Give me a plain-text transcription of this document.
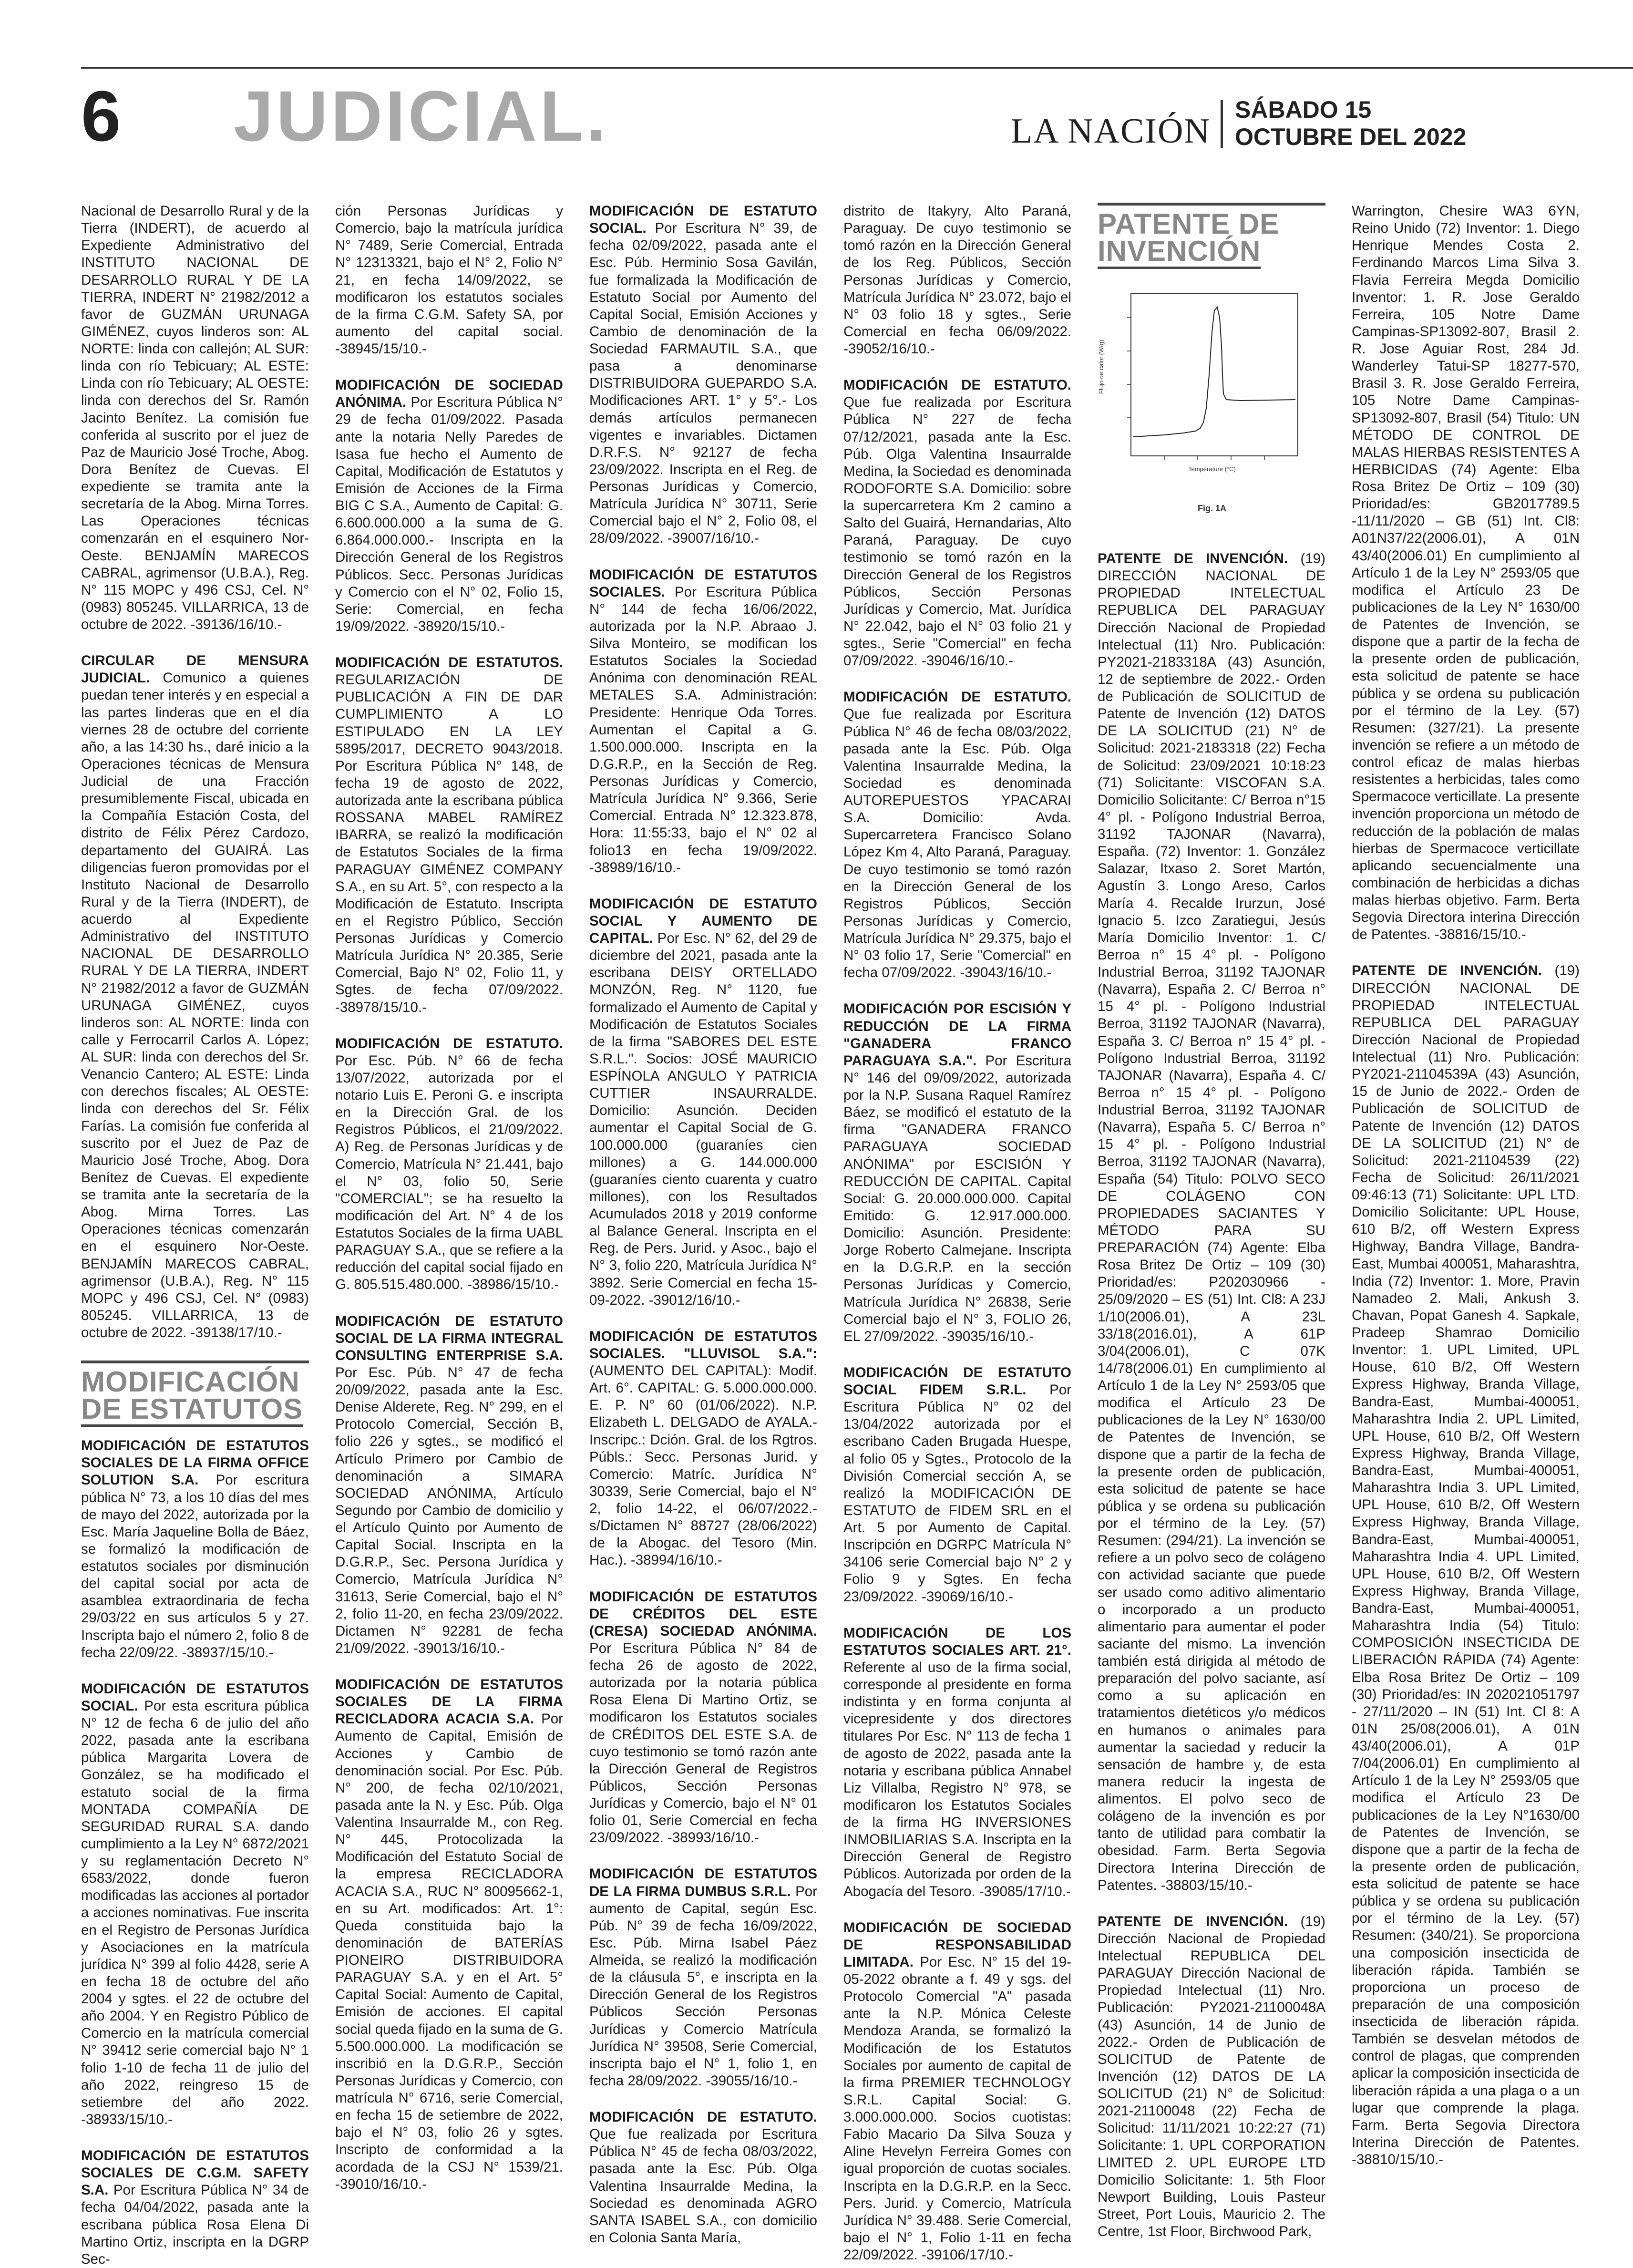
6 JUDICIAL.	LA NACIÓN
SÁBADO 15
OCTUBRE DEL 2022

Nacional de Desarrollo Rural y de la Tierra (INDERT), de acuerdo al Expediente Administrativo del INSTITUTO NACIONAL DE DESARROLLO RURAL Y DE LA TIERRA, INDERT N° 21982/2012 a favor de GUZMÁN URUNAGA GIMÉNEZ, cuyos linderos son: AL NORTE: linda con callejón; AL SUR: linda con río Tebicuary; AL ESTE: Linda con río Tebicuary; AL OESTE: linda con derechos del Sr. Ramón Jacinto Benítez. La comisión fue conferida al suscrito por el juez de Paz de Mauricio José Troche, Abog. Dora Benítez de Cuevas. El expediente se tramita ante la secretaría de la Abog. Mirna Torres. Las Operaciones técnicas comenzarán en el esquinero Nor-Oeste. BENJAMÍN MARECOS CABRAL, agrimensor (U.B.A.), Reg. N° 115 MOPC y 496 CSJ, Cel. N° (0983) 805245. VILLARRICA, 13 de octubre de 2022. -39136/16/10.-

CIRCULAR DE MENSURA JUDICIAL. Comunico a quienes puedan tener interés y en especial a las partes linderas que en el día viernes 28 de octubre del corriente año, a las 14:30 hs., daré inicio a la Operaciones técnicas de Mensura Judicial de una Fracción presumiblemente Fiscal, ubicada en la Compañía Estación Costa, del distrito de Félix Pérez Cardozo, departamento del GUAIRÁ. Las diligencias fueron promovidas por el Instituto Nacional de Desarrollo Rural y de la Tierra (INDERT), de acuerdo al Expediente Administrativo del INSTITUTO NACIONAL DE DESARROLLO RURAL Y DE LA TIERRA, INDERT N° 21982/2012 a favor de GUZMÁN URUNAGA GIMÉNEZ, cuyos linderos son: AL NORTE: linda con calle y Ferrocarril Carlos A. López; AL SUR: linda con derechos del Sr. Venancio Cantero; AL ESTE: Linda con derechos fiscales; AL OESTE: linda con derechos del Sr. Félix Farías. La comisión fue conferida al suscrito por el Juez de Paz de Mauricio José Troche, Abog. Dora Benítez de Cuevas. El expediente se tramita ante la secretaría de la Abog. Mirna Torres. Las Operaciones técnicas comenzarán en el esquinero Nor-Oeste. BENJAMÍN MARECOS CABRAL, agrimensor (U.B.A.), Reg. N° 115 MOPC y 496 CSJ, Cel. N° (0983) 805245. VILLARRICA, 13 de octubre de 2022. -39138/17/10.-

MODIFICACIÓN
DE ESTATUTOS

MODIFICACIÓN DE ESTATUTOS SOCIALES DE LA FIRMA OFFICE SOLUTION S.A. Por escritura pública N° 73, a los 10 días del mes de mayo del 2022, autorizada por la Esc. María Jaqueline Bolla de Báez, se formalizó la modificación de estatutos sociales por disminución del capital social por acta de asamblea extraordinaria de fecha 29/03/22 en sus artículos 5 y 27. Inscripta bajo el número 2, folio 8 de fecha 22/09/22. -38937/15/10.-

MODIFICACIÓN DE ESTATUTOS SOCIAL. Por esta escritura pública N° 12 de fecha 6 de julio del año 2022, pasada ante la escribana pública Margarita Lovera de González, se ha modificado el estatuto social de la firma MONTADA COMPAÑÍA DE SEGURIDAD RURAL S.A. dando cumplimiento a la Ley N° 6872/2021 y su reglamentación Decreto N° 6583/2022, donde fueron modificadas las acciones al portador a acciones nominativas. Fue inscrita en el Registro de Personas Jurídica y Asociaciones en la matrícula jurídica N° 399 al folio 4428, serie A en fecha 18 de octubre del año 2004 y sgtes. el 22 de octubre del año 2004. Y en Registro Público de Comercio en la matrícula comercial N° 39412 serie comercial bajo N° 1 folio 1-10 de fecha 11 de julio del año 2022, reingreso 15 de setiembre del año 2022. -38933/15/10.-

MODIFICACIÓN DE ESTATUTOS SOCIALES DE C.G.M. SAFETY S.A. Por Escritura Pública N° 34 de fecha 04/04/2022, pasada ante la escribana pública Rosa Elena Di Martino Ortiz, inscripta en la DGRP Sec-

ción Personas Jurídicas y Comercio, bajo la matrícula jurídica N° 7489, Serie Comercial, Entrada N° 12313321, bajo el N° 2, Folio N° 21, en fecha 14/09/2022, se modificaron los estatutos sociales de la firma C.G.M. Safety SA, por aumento del capital social. -38945/15/10.-

MODIFICACIÓN DE SOCIEDAD ANÓNIMA. Por Escritura Pública N° 29 de fecha 01/09/2022. Pasada ante la notaria Nelly Paredes de Isasa fue hecho el Aumento de Capital, Modificación de Estatutos y Emisión de Acciones de la Firma BIG C S.A., Aumento de Capital: G. 6.600.000.000 a la suma de G. 6.864.000.000.- Inscripta en la Dirección General de los Registros Públicos. Secc. Personas Jurídicas y Comercio con el N° 02, Folio 15, Serie: Comercial, en fecha 19/09/2022. -38920/15/10.-

MODIFICACIÓN DE ESTATUTOS. REGULARIZACIÓN DE PUBLICACIÓN A FIN DE DAR CUMPLIMIENTO A LO ESTIPULADO EN LA LEY 5895/2017, DECRETO 9043/2018. Por Escritura Pública N° 148, de fecha 19 de agosto de 2022, autorizada ante la escribana pública ROSSANA MABEL RAMÍREZ IBARRA, se realizó la modificación de Estatutos Sociales de la firma PARAGUAY GIMÉNEZ COMPANY S.A., en su Art. 5°, con respecto a la Modificación de Estatuto. Inscripta en el Registro Público, Sección Personas Jurídicas y Comercio Matrícula Jurídica N° 20.385, Serie Comercial, Bajo N° 02, Folio 11, y Sgtes. de fecha 07/09/2022. -38978/15/10.-

MODIFICACIÓN DE ESTATUTO. Por Esc. Púb. N° 66 de fecha 13/07/2022, autorizada por el notario Luis E. Peroni G. e inscripta en la Dirección Gral. de los Registros Públicos, el 21/09/2022. A) Reg. de Personas Jurídicas y de Comercio, Matrícula N° 21.441, bajo el N° 03, folio 50, Serie "COMERCIAL"; se ha resuelto la modificación del Art. N° 4 de los Estatutos Sociales de la firma UABL PARAGUAY S.A., que se refiere a la reducción del capital social fijado en G. 805.515.480.000. -38986/15/10.-

MODIFICACIÓN DE ESTATUTO SOCIAL DE LA FIRMA INTEGRAL CONSULTING ENTERPRISE S.A. Por Esc. Púb. N° 47 de fecha 20/09/2022, pasada ante la Esc. Denise Alderete, Reg. N° 299, en el Protocolo Comercial, Sección B, folio 226 y sgtes., se modificó el Artículo Primero por Cambio de denominación a SIMARA SOCIEDAD ANÓNIMA, Artículo Segundo por Cambio de domicilio y el Artículo Quinto por Aumento de Capital Social. Inscripta en la D.G.R.P., Sec. Persona Jurídica y Comercio, Matrícula Jurídica N° 31613, Serie Comercial, bajo el N° 2, folio 11-20, en fecha 23/09/2022. Dictamen N° 92281 de fecha 21/09/2022. -39013/16/10.-

MODIFICACIÓN DE ESTATUTOS SOCIALES DE LA FIRMA RECICLADORA ACACIA S.A. Por Aumento de Capital, Emisión de Acciones y Cambio de denominación social. Por Esc. Púb. N° 200, de fecha 02/10/2021, pasada ante la N. y Esc. Púb. Olga Valentina Insaurralde M., con Reg. N° 445, Protocolizada la Modificación del Estatuto Social de la empresa RECICLADORA ACACIA S.A., RUC N° 80095662-1, en su Art. modificados: Art. 1°: Queda constituida bajo la denominación de BATERÍAS PIONEIRO DISTRIBUIDORA PARAGUAY S.A. y en el Art. 5° Capital Social: Aumento de Capital, Emisión de acciones. El capital social queda fijado en la suma de G. 5.500.000.000. La modificación se inscribió en la D.G.R.P., Sección Personas Jurídicas y Comercio, con matrícula N° 6716, serie Comercial, en fecha 15 de setiembre de 2022, bajo el N° 03, folio 26 y sgtes. Inscripto de conformidad a la acordada de la CSJ N° 1539/21. -39010/16/10.-

MODIFICACIÓN DE ESTATUTO SOCIAL. Por Escritura N° 39, de fecha 02/09/2022, pasada ante el Esc. Púb. Herminio Sosa Gavilán, fue formalizada la Modificación de Estatuto Social por Aumento del Capital Social, Emisión Acciones y Cambio de denominación de la Sociedad FARMAUTIL S.A., que pasa a denominarse DISTRIBUIDORA GUEPARDO S.A. Modificaciones ART. 1° y 5°.- Los demás artículos permanecen vigentes e invariables. Dictamen D.R.F.S. N° 92127 de fecha 23/09/2022. Inscripta en el Reg. de Personas Jurídicas y Comercio, Matrícula Jurídica N° 30711, Serie Comercial bajo el N° 2, Folio 08, el 28/09/2022. -39007/16/10.-

MODIFICACIÓN DE ESTATUTOS SOCIALES. Por Escritura Pública N° 144 de fecha 16/06/2022, autorizada por la N.P. Abraao J. Silva Monteiro, se modifican los Estatutos Sociales la Sociedad Anónima con denominación REAL METALES S.A. Administración: Presidente: Henrique Oda Torres. Aumentan el Capital a G. 1.500.000.000. Inscripta en la D.G.R.P., en la Sección de Reg. Personas Jurídicas y Comercio, Matrícula Jurídica N° 9.366, Serie Comercial. Entrada N° 12.323.878, Hora: 11:55:33, bajo el N° 02 al folio13 en fecha 19/09/2022. -38989/16/10.-

MODIFICACIÓN DE ESTATUTO SOCIAL Y AUMENTO DE CAPITAL. Por Esc. N° 62, del 29 de diciembre del 2021, pasada ante la escribana DEISY ORTELLADO MONZÓN, Reg. N° 1120, fue formalizado el Aumento de Capital y Modificación de Estatutos Sociales de la firma "SABORES DEL ESTE S.R.L.". Socios: JOSÉ MAURICIO ESPÍNOLA ANGULO Y PATRICIA CUTTIER INSAURRALDE. Domicilio: Asunción. Deciden aumentar el Capital Social de G. 100.000.000 (guaraníes cien millones) a G. 144.000.000 (guaraníes ciento cuarenta y cuatro millones), con los Resultados Acumulados 2018 y 2019 conforme al Balance General. Inscripta en el Reg. de Pers. Jurid. y Asoc., bajo el N° 3, folio 220, Matrícula Jurídica N° 3892. Serie Comercial en fecha 15-09-2022. -39012/16/10.-

MODIFICACIÓN DE ESTATUTOS SOCIALES. "LLUVISOL S.A.": (AUMENTO DEL CAPITAL): Modif. Art. 6°. CAPITAL: G. 5.000.000.000. E. P. N° 60 (01/06/2022). N.P. Elizabeth L. DELGADO de AYALA.- Inscripc.: Dción. Gral. de los Rgtros. Públs.: Secc. Personas Jurid. y Comercio: Matríc. Jurídica N° 30339, Serie Comercial, bajo el N° 2, folio 14-22, el 06/07/2022.- s/Dictamen N° 88727 (28/06/2022) de la Abogac. del Tesoro (Min. Hac.). -38994/16/10.-

MODIFICACIÓN DE ESTATUTOS DE CRÉDITOS DEL ESTE (CRESA) SOCIEDAD ANÓNIMA. Por Escritura Pública N° 84 de fecha 26 de agosto de 2022, autorizada por la notaria pública Rosa Elena Di Martino Ortiz, se modificaron los Estatutos sociales de CRÉDITOS DEL ESTE S.A. de cuyo testimonio se tomó razón ante la Dirección General de Registros Públicos, Sección Personas Jurídicas y Comercio, bajo el N° 01 folio 01, Serie Comercial en fecha 23/09/2022. -38993/16/10.-

MODIFICACIÓN DE ESTATUTOS DE LA FIRMA DUMBUS S.R.L. Por aumento de Capital, según Esc. Púb. N° 39 de fecha 16/09/2022, Esc. Púb. Mirna Isabel Páez Almeida, se realizó la modificación de la cláusula 5°, e inscripta en la Dirección General de los Registros Públicos Sección Personas Jurídicas y Comercio Matrícula Jurídica N° 39508, Serie Comercial, inscripta bajo el N° 1, folio 1, en fecha 28/09/2022. -39055/16/10.-

MODIFICACIÓN DE ESTATUTO. Que fue realizada por Escritura Pública N° 45 de fecha 08/03/2022, pasada ante la Esc. Púb. Olga Valentina Insaurralde Medina, la Sociedad es denominada AGRO SANTA ISABEL S.A., con domicilio en Colonia Santa María,

distrito de Itakyry, Alto Paraná, Paraguay. De cuyo testimonio se tomó razón en la Dirección General de los Reg. Públicos, Sección Personas Jurídicas y Comercio, Matrícula Jurídica N° 23.072, bajo el N° 03 folio 18 y sgtes., Serie Comercial en fecha 06/09/2022. -39052/16/10.-

MODIFICACIÓN DE ESTATUTO. Que fue realizada por Escritura Pública N° 227 de fecha 07/12/2021, pasada ante la Esc. Púb. Olga Valentina Insaurralde Medina, la Sociedad es denominada RODOFORTE S.A. Domicilio: sobre la supercarretera Km 2 camino a Salto del Guairá, Hernandarias, Alto Paraná, Paraguay. De cuyo testimonio se tomó razón en la Dirección General de los Registros Públicos, Sección Personas Jurídicas y Comercio, Mat. Jurídica N° 22.042, bajo el N° 03 folio 21 y sgtes., Serie "Comercial" en fecha 07/09/2022. -39046/16/10.-

MODIFICACIÓN DE ESTATUTO. Que fue realizada por Escritura Pública N° 46 de fecha 08/03/2022, pasada ante la Esc. Púb. Olga Valentina Insaurralde Medina, la Sociedad es denominada AUTOREPUESTOS YPACARAI S.A. Domicilio: Avda. Supercarretera Francisco Solano López Km 4, Alto Paraná, Paraguay. De cuyo testimonio se tomó razón en la Dirección General de los Registros Públicos, Sección Personas Jurídicas y Comercio, Matrícula Jurídica N° 29.375, bajo el N° 03 folio 17, Serie "Comercial" en fecha 07/09/2022. -39043/16/10.-

MODIFICACIÓN POR ESCISIÓN Y REDUCCIÓN DE LA FIRMA "GANADERA FRANCO PARAGUAYA S.A.". Por Escritura N° 146 del 09/09/2022, autorizada por la N.P. Susana Raquel Ramírez Báez, se modificó el estatuto de la firma "GANADERA FRANCO PARAGUAYA SOCIEDAD ANÓNIMA" por ESCISIÓN Y REDUCCIÓN DE CAPITAL. Capital Social: G. 20.000.000.000. Capital Emitido: G. 12.917.000.000. Domicilio: Asunción. Presidente: Jorge Roberto Calmejane. Inscripta en la D.G.R.P. en la sección Personas Jurídicas y Comercio, Matrícula Jurídica N° 26838, Serie Comercial bajo el N° 3, FOLIO 26, EL 27/09/2022. -39035/16/10.-

MODIFICACIÓN DE ESTATUTO SOCIAL FIDEM S.R.L. Por Escritura Pública N° 02 del 13/04/2022 autorizada por el escribano Caden Brugada Huespe, al folio 05 y Sgtes., Protocolo de la División Comercial sección A, se realizó la MODIFICACIÓN DE ESTATUTO de FIDEM SRL en el Art. 5 por Aumento de Capital. Inscripción en DGRPC Matrícula N° 34106 serie Comercial bajo N° 2 y Folio 9 y Sgtes. En fecha 23/09/2022. -39069/16/10.-

MODIFICACIÓN DE LOS ESTATUTOS SOCIALES ART. 21°. Referente al uso de la firma social, corresponde al presidente en forma indistinta y en forma conjunta al vicepresidente y dos directores titulares Por Esc. N° 113 de fecha 1 de agosto de 2022, pasada ante la notaria y escribana pública Annabel Liz Villalba, Registro N° 978, se modificaron los Estatutos Sociales de la firma HG INVERSIONES INMOBILIARIAS S.A. Inscripta en la Dirección General de Registro Públicos. Autorizada por orden de la Abogacía del Tesoro. -39085/17/10.-

MODIFICACIÓN DE SOCIEDAD DE RESPONSABILIDAD LIMITADA. Por Esc. N° 15 del 19-05-2022 obrante a f. 49 y sgs. del Protocolo Comercial "A" pasada ante la N.P. Mónica Celeste Mendoza Aranda, se formalizó la Modificación de los Estatutos Sociales por aumento de capital de la firma PREMIER TECHNOLOGY S.R.L. Capital Social: G. 3.000.000.000. Socios cuotistas: Fabio Macario Da Silva Souza y Aline Hevelyn Ferreira Gomes con igual proporción de cuotas sociales. Inscripta en la D.G.R.P. en la Secc. Pers. Jurid. y Comercio, Matrícula Jurídica N° 39.488. Serie Comercial, bajo el N° 1, Folio 1-11 en fecha 22/09/2022. -39106/17/10.-

PATENTE DE
INVENCIÓN
Flujo de calor (W/g)
Temperature (°C)
Fig. 1A

PATENTE DE INVENCIÓN. (19) DIRECCIÓN NACIONAL DE PROPIEDAD INTELECTUAL REPUBLICA DEL PARAGUAY Dirección Nacional de Propiedad Intelectual (11) Nro. Publicación: PY2021-2183318A (43) Asunción, 12 de septiembre de 2022.- Orden de Publicación de SOLICITUD de Patente de Invención (12) DATOS DE LA SOLICITUD (21) N° de Solicitud: 2021-2183318 (22) Fecha de Solicitud: 23/09/2021 10:18:23 (71) Solicitante: VISCOFAN S.A. Domicilio Solicitante: C/ Berroa n°15 4° pl. - Polígono Industrial Berroa, 31192 TAJONAR (Navarra), España. (72) Inventor: 1. González Salazar, Itxaso 2. Soret Martón, Agustín 3. Longo Areso, Carlos María 4. Recalde Irurzun, José Ignacio 5. Izco Zaratiegui, Jesús María Domicilio Inventor: 1. C/ Berroa n° 15 4° pl. - Polígono Industrial Berroa, 31192 TAJONAR (Navarra), España 2. C/ Berroa n° 15 4° pl. - Polígono Industrial Berroa, 31192 TAJONAR (Navarra), España 3. C/ Berroa n° 15 4° pl. - Polígono Industrial Berroa, 31192 TAJONAR (Navarra), España 4. C/ Berroa n° 15 4° pl. - Polígono Industrial Berroa, 31192 TAJONAR (Navarra), España 5. C/ Berroa n° 15 4° pl. - Polígono Industrial Berroa, 31192 TAJONAR (Navarra), España (54) Titulo: POLVO SECO DE COLÁGENO CON PROPIEDADES SACIANTES Y MÉTODO PARA SU PREPARACIÓN (74) Agente: Elba Rosa Britez De Ortiz – 109 (30) Prioridad/es: P202030966 - 25/09/2020 – ES (51) Int. Cl8: A 23J 1/10(2006.01), A 23L 33/18(2016.01), A 61P 3/04(2006.01), C 07K 14/78(2006.01) En cumplimiento al Artículo 1 de la Ley N° 2593/05 que modifica el Artículo 23 De publicaciones de la Ley N° 1630/00 de Patentes de Invención, se dispone que a partir de la fecha de la presente orden de publicación, esta solicitud de patente se hace pública y se ordena su publicación por el término de la Ley. (57) Resumen: (294/21). La invención se refiere a un polvo seco de colágeno con actividad saciante que puede ser usado como aditivo alimentario o incorporado a un producto alimentario para aumentar el poder saciante del mismo. La invención también está dirigida al método de preparación del polvo saciante, así como a su aplicación en tratamientos dietéticos y/o médicos en humanos o animales para aumentar la saciedad y reducir la sensación de hambre y, de esta manera reducir la ingesta de alimentos. El polvo seco de colágeno de la invención es por tanto de utilidad para combatir la obesidad. Farm. Berta Segovia Directora Interina Dirección de Patentes. -38803/15/10.-

PATENTE DE INVENCIÓN. (19) Dirección Nacional de Propiedad Intelectual REPUBLICA DEL PARAGUAY Dirección Nacional de Propiedad Intelectual (11) Nro. Publicación: PY2021-21100048A (43) Asunción, 14 de Junio de 2022.- Orden de Publicación de SOLICITUD de Patente de Invención (12) DATOS DE LA SOLICITUD (21) N° de Solicitud: 2021-21100048 (22) Fecha de Solicitud: 11/11/2021 10:22:27 (71) Solicitante: 1. UPL CORPORATION LIMITED 2. UPL EUROPE LTD Domicilio Solicitante: 1. 5th Floor Newport Building, Louis Pasteur Street, Port Louis, Mauricio 2. The Centre, 1st Floor, Birchwood Park,

Warrington, Chesire WA3 6YN, Reino Unido (72) Inventor: 1. Diego Henrique Mendes Costa 2. Ferdinando Marcos Lima Silva 3. Flavia Ferreira Megda Domicilio Inventor: 1. R. Jose Geraldo Ferreira, 105 Notre Dame Campinas-SP13092-807, Brasil 2. R. Jose Aguiar Rost, 284 Jd. Wanderley Tatui-SP 18277-570, Brasil 3. R. Jose Geraldo Ferreira, 105 Notre Dame Campinas-SP13092-807, Brasil (54) Titulo: UN MÉTODO DE CONTROL DE MALAS HIERBAS RESISTENTES A HERBICIDAS (74) Agente: Elba Rosa Britez De Ortiz – 109 (30) Prioridad/es: GB2017789.5 -11/11/2020 – GB (51) Int. Cl8: A01N37/22(2006.01), A 01N 43/40(2006.01) En cumplimiento al Artículo 1 de la Ley N° 2593/05 que modifica el Artículo 23 De publicaciones de la Ley N° 1630/00 de Patentes de Invención, se dispone que a partir de la fecha de la presente orden de publicación, esta solicitud de patente se hace pública y se ordena su publicación por el término de la Ley. (57) Resumen: (327/21). La presente invención se refiere a un método de control eficaz de malas hierbas resistentes a herbicidas, tales como Spermacoce verticillate. La presente invención proporciona un método de reducción de la población de malas hierbas de Spermacoce verticillate aplicando secuencialmente una combinación de herbicidas a dichas malas hierbas objetivo. Farm. Berta Segovia Directora interina Dirección de Patentes. -38816/15/10.-

PATENTE DE INVENCIÓN. (19) DIRECCIÓN NACIONAL DE PROPIEDAD INTELECTUAL REPUBLICA DEL PARAGUAY Dirección Nacional de Propiedad Intelectual (11) Nro. Publicación: PY2021-21104539A (43) Asunción, 15 de Junio de 2022.- Orden de Publicación de SOLICITUD de Patente de Invención (12) DATOS DE LA SOLICITUD (21) N° de Solicitud: 2021-21104539 (22) Fecha de Solicitud: 26/11/2021 09:46:13 (71) Solicitante: UPL LTD. Domicilio Solicitante: UPL House, 610 B/2, off Western Express Highway, Bandra Village, Bandra-East, Mumbai 400051, Maharashtra, India (72) Inventor: 1. More, Pravin Namadeo 2. Mali, Ankush 3. Chavan, Popat Ganesh 4. Sapkale, Pradeep Shamrao Domicilio Inventor: 1. UPL Limited, UPL House, 610 B/2, Off Western Express Highway, Branda Village, Bandra-East, Mumbai-400051, Maharashtra India 2. UPL Limited, UPL House, 610 B/2, Off Western Express Highway, Branda Village, Bandra-East, Mumbai-400051, Maharashtra India 3. UPL Limited, UPL House, 610 B/2, Off Western Express Highway, Branda Village, Bandra-East, Mumbai-400051, Maharashtra India 4. UPL Limited, UPL House, 610 B/2, Off Western Express Highway, Branda Village, Bandra-East, Mumbai-400051, Maharashtra India (54) Titulo: COMPOSICIÓN INSECTICIDA DE LIBERACIÓN RÁPIDA (74) Agente: Elba Rosa Britez De Ortiz – 109 (30) Prioridad/es: IN 202021051797 - 27/11/2020 – IN (51) Int. Cl 8: A 01N 25/08(2006.01), A 01N 43/40(2006.01), A 01P 7/04(2006.01) En cumplimiento al Artículo 1 de la Ley N° 2593/05 que modifica el Artículo 23 De publicaciones de la Ley N°1630/00 de Patentes de Invención, se dispone que a partir de la fecha de la presente orden de publicación, esta solicitud de patente se hace pública y se ordena su publicación por el término de la Ley. (57) Resumen: (340/21). Se proporciona una composición insecticida de liberación rápida. También se proporciona un proceso de preparación de una composición insecticida de liberación rápida. También se desvelan métodos de control de plagas, que comprenden aplicar la composición insecticida de liberación rápida a una plaga o a un lugar que comprende la plaga. Farm. Berta Segovia Directora Interina Dirección de Patentes. -38810/15/10.-
